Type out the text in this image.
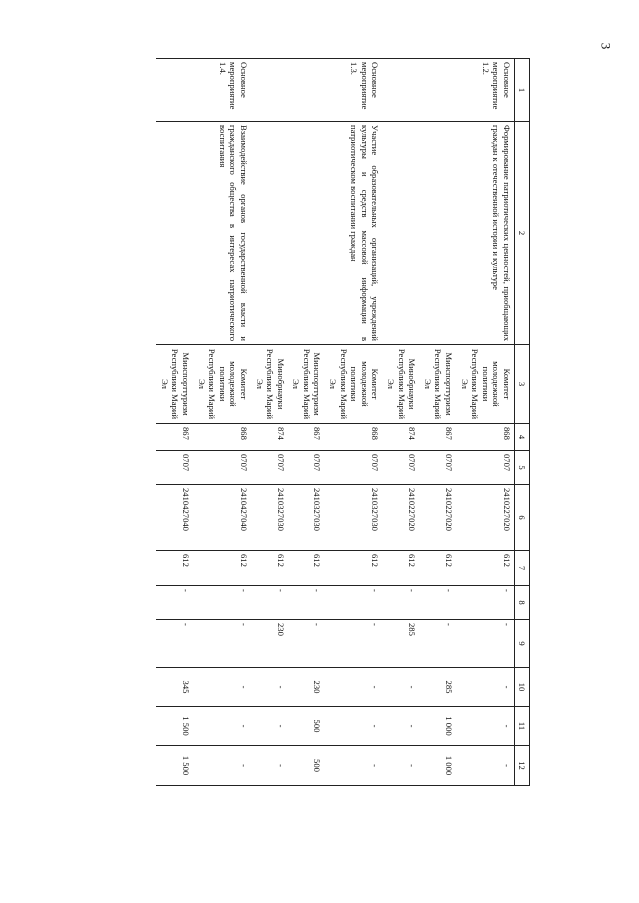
3
1	2	3	4	5	6	7	8	9	10	11	12
Основное мероприятие 1.2.	Формирование патриотических ценностей, приобщающих граждан к отечественной истории и культуре	Комитет молодежной политики Республики Марий Эл	868	0707	2410227020	612	-	-	-	-	-
		Минспорттуризм Республики Марий Эл	867	0707	2410227020	612	-	-	285	1 000	1 000
		Минобрнауки Республики Марий Эл	874	0707	2410227020	612	-	285	-	-	-
Основное мероприятие 1.3.	Участие образовательных организаций, учреждений культуры и средств массовой информации в патриотическом воспитании граждан	Комитет молодежной политики Республики Марий Эл	868	0707	2410327030	612	-	-	-	-	-
		Минспорттуризм Республики Марий Эл	867	0707	2410327030	612	-	-	230	500	500
		Минобрнауки Республики Марий Эл	874	0707	2410327030	612	-	230	-	-	-
Основное мероприятие 1.4.	Взаимодействие органов государственной власти и гражданского общества в интересах патриотического воспитания	Комитет молодежной политики Республики Марий Эл	868	0707	2410427040	612	-	-	-	-	-
		Минспорттуризм Республики Марий Эл	867	0707	2410427040	612	-	-	345	1 500	1 500
